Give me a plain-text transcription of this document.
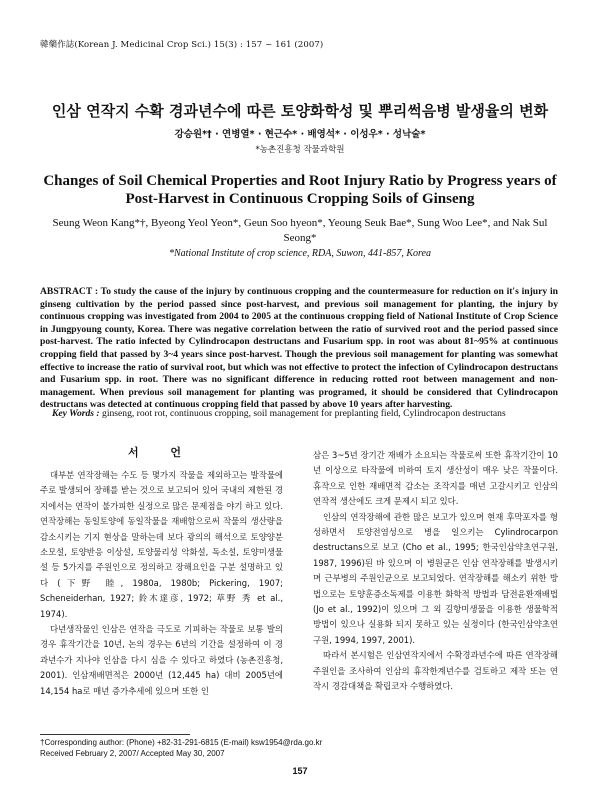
韓藥作誌(Korean J. Medicinal Crop Sci.) 15(3) : 157 ~ 161 (2007)
인삼 연작지 수확 경과년수에 따른 토양화학성 및 뿌리썩음병 발생율의 변화
강승원*† · 연병열* · 현근수* · 배영석* · 이성우* · 성낙술*
*농촌진흥청 작물과학원
Changes of Soil Chemical Properties and Root Injury Ratio by Progress years of Post-Harvest in Continuous Cropping Soils of Ginseng
Seung Weon Kang*†, Byeong Yeol Yeon*, Geun Soo hyeon*, Yeoung Seuk Bae*, Sung Woo Lee*, and Nak Sul Seong*
*National Institute of crop science, RDA, Suwon, 441-857, Korea
ABSTRACT : To study the cause of the injury by continuous cropping and the countermeasure for reduction on it's injury in ginseng cultivation by the period passed since post-harvest, and previous soil management for planting, the injury by continuous cropping was investigated from 2004 to 2005 at the continuous cropping field of National Institute of Crop Science in Jungpyoung county, Korea. There was negative correlation between the ratio of survived root and the period passed since post-harvest. The ratio infected by Cylindrocapon destructans and Fusarium spp. in root was about 81~95% at continuous cropping field that passed by 3~4 years since post-harvest. Though the previous soil management for planting was somewhat effective to increase the ratio of survival root, but which was not effective to protect the infection of Cylindrocapon destructans and Fusarium spp. in root. There was no significant difference in reducing rotted root between management and non-management. When previous soil management for planting was programed, it should be considered that Cylindrocapon destructans was detected at continuous cropping field that passed by above 10 years after harvesting.
Key Words : ginseng, root rot, continuous cropping, soil management for preplanting field, Cylindrocapon destructans
서 언

대부분 연작장해는 수도 등 몇가지 작물을 제외하고는 발작물에 주로 발생되어 장해를 받는 것으로 보고되어 있어 국내의 제한된 경지에서는 연작이 불가피한 실정으로 많은 문제점을 야기 하고 있다. 연작장해는 동일토양에 동일작물을 재배함으로써 작물의 생산량을 감소시키는 기지 현상을 말하는데 보다 광의의 해석으로 토양양분 소모설, 토양반응 이상설, 토양물리성 악화설, 독소설, 토양미생물설 등 5가지를 주원인으로 정의하고 장해요인을 구분 설명하고 있다 (下野 睦, 1980a, 1980b; Pickering, 1907; Scheneiderhan, 1927; 鈴木達彦, 1972; 草野 秀 et al., 1974).

다년생작물인 인삼은 연작을 극도로 기피하는 작물로 보통 발의 경우 휴작기간을 10년, 논의 경우는 6년의 기간을 설정하여 이 경과년수가 지나야 인삼을 다시 심을 수 있다고 하였다 (농촌진흥청, 2001). 인삼재배면적은 2000년 (12,445 ha) 대비 2005년에 14,154 ha로 매년 증가추세에 있으며 또한 인

삼은 3~5년 장기간 재배가 소요되는 작물로써 또한 휴작기간이 10년 이상으로 타작물에 비하여 토지 생산성이 매우 낮은 작물이다. 휴작으로 인한 재배면적 감소는 조작지를 매년 고갈시키고 인삼의 연작적 생산에도 크게 문제시 되고 있다.

인삼의 연작장해에 관한 많은 보고가 있으며 현재 후막포자를 형성하면서 토양전염성으로 병을 일으키는 Cylindrocarpon destructans으로 보고 (Cho et al., 1995; 한국인삼약초연구원, 1987, 1996)된 바 있으며 이 병원균은 인삼 연작장해를 발생시키며 근부병의 주원인균으로 보고되었다. 연작장해를 해소키 위한 방법으로는 토양훈증소독제를 이용한 화학적 방법과 담전윤환재배법 (Jo et al., 1992)이 있으며 그 외 길항미생물을 이용한 생물학적 방법이 있으나 실용화 되지 못하고 있는 실정이다 (한국인삼약초연구원, 1994, 1997, 2001).

따라서 본시험은 인삼연작지에서 수확경과년수에 따른 연작장해 주원인을 조사하여 인삼의 휴작한계년수를 검토하고 제작 또는 연작시 경감대책을 확립코자 수행하였다.

†Corresponding author: (Phone) +82-31-291-6815 (E-mail) ksw1954@rda.go.kr
Received February 2, 2007/ Accepted May 30, 2007
157
